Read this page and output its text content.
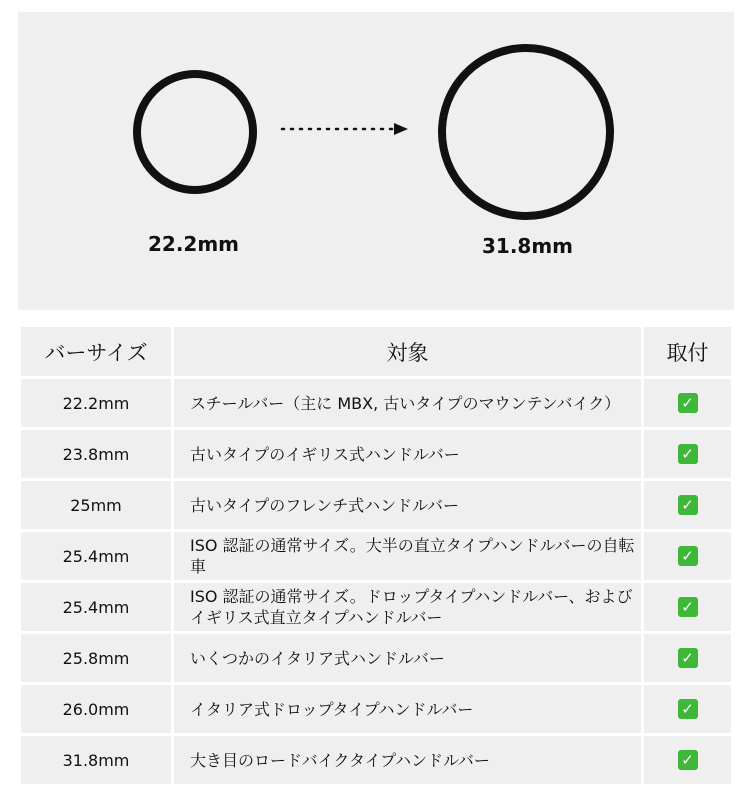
22.2mm	31.8mm
バーサイズ	対象	取付
22.2mm	スチールバー（主に MBX, 古いタイプのマウンテンバイク）	✓
23.8mm	古いタイプのイギリス式ハンドルバー	✓
25mm	古いタイプのフレンチ式ハンドルバー	✓
25.4mm	ISO 認証の通常サイズ。大半の直立タイプハンドルバーの自転車	✓
25.4mm	ISO 認証の通常サイズ。ドロップタイプハンドルバー、およびイギリス式直立タイプハンドルバー	✓
25.8mm	いくつかのイタリア式ハンドルバー	✓
26.0mm	イタリア式ドロップタイプハンドルバー	✓
31.8mm	大き目のロードバイクタイプハンドルバー	✓
